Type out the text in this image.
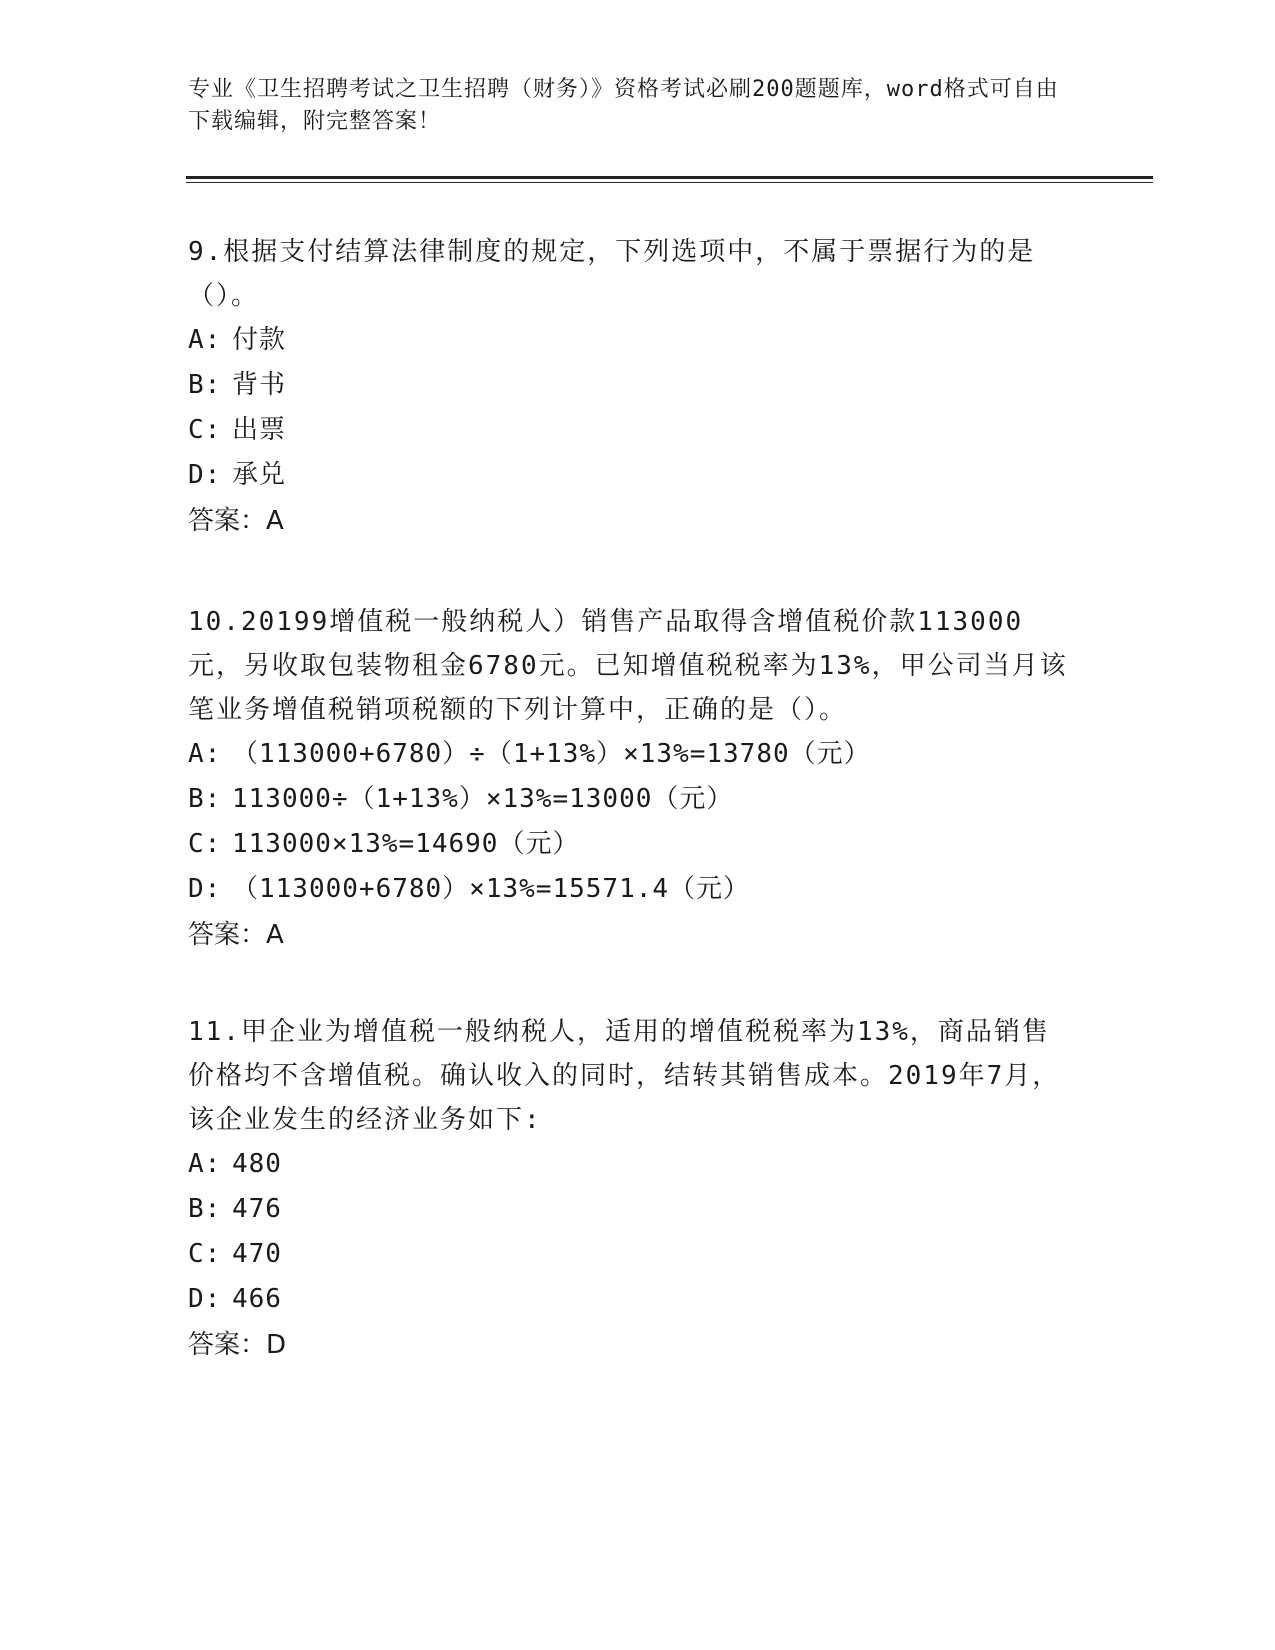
专业《卫生招聘考试之卫生招聘（财务）》资格考试必刷200题题库，word格式可自由下载编辑，附完整答案！

9.根据支付结算法律制度的规定，下列选项中，不属于票据行为的是（）。

A: 付款
B: 背书
C: 出票
D: 承兑

答案：A

10.20199增值税一般纳税人）销售产品取得含增值税价款113000元，另收取包装物租金6780元。已知增值税税率为13%，甲公司当月该笔业务增值税销项税额的下列计算中，正确的是（）。

A: （113000+6780）÷（1+13%）×13%=13780（元）
B: 113000÷（1+13%）×13%=13000（元）
C: 113000×13%=14690（元）
D: （113000+6780）×13%=15571.4（元）

答案：A

11.甲企业为增值税一般纳税人，适用的增值税税率为13%，商品销售价格均不含增值税。确认收入的同时，结转其销售成本。2019年7月，该企业发生的经济业务如下:

A: 480
B: 476
C: 470
D: 466

答案：D
